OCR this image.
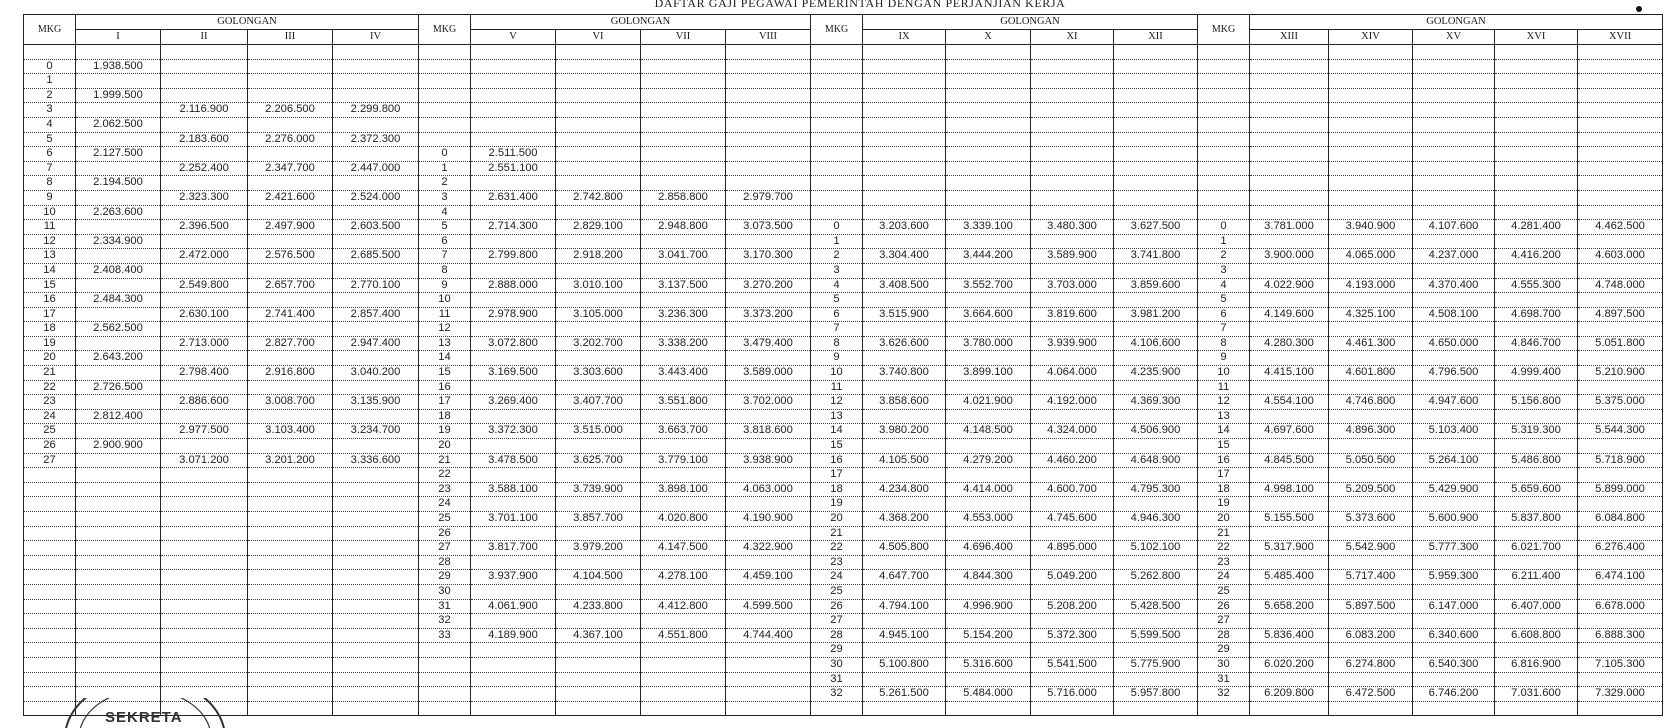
DAFTAR GAJI PEGAWAI PEMERINTAH DENGAN PERJANJIAN KERJA
MKG	GOLONGAN				MKG	GOLONGAN				MKG	GOLONGAN				MKG	GOLONGAN				
	I	II	III	IV		V	VI	VII	VIII		IX	X	XI	XII		XIII	XIV	XV	XVI	XVII

0	1.938.500																			
1																				
2	1.999.500																			
3		2.116.900	2.206.500	2.299.800																
4	2.062.500																			
5		2.183.600	2.276.000	2.372.300																
6	2.127.500				0	2.511.500														
7		2.252.400	2.347.700	2.447.000	1	2.551.100														
8	2.194.500				2															
9		2.323.300	2.421.600	2.524.000	3	2.631.400	2.742.800	2.858.800	2.979.700											
10	2.263.600				4															
11		2.396.500	2.497.900	2.603.500	5	2.714.300	2.829.100	2.948.800	3.073.500	0	3.203.600	3.339.100	3.480.300	3.627.500	0	3.781.000	3.940.900	4.107.600	4.281.400	4.462.500
12	2.334.900				6					1					1					
13		2.472.000	2.576.500	2.685.500	7	2.799.800	2.918.200	3.041.700	3.170.300	2	3.304.400	3.444.200	3.589.900	3.741.800	2	3.900.000	4.065.000	4.237.000	4.416.200	4.603.000
14	2.408.400				8					3					3					
15		2.549.800	2.657.700	2.770.100	9	2.888.000	3.010.100	3.137.500	3.270.200	4	3.408.500	3.552.700	3.703.000	3.859.600	4	4.022.900	4.193.000	4.370.400	4.555.300	4.748.000
16	2.484.300				10					5					5					
17		2.630.100	2.741.400	2.857.400	11	2.978.900	3.105.000	3.236.300	3.373.200	6	3.515.900	3.664.600	3.819.600	3.981.200	6	4.149.600	4.325.100	4.508.100	4.698.700	4.897.500
18	2.562.500				12					7					7					
19		2.713.000	2.827.700	2.947.400	13	3.072.800	3.202.700	3.338.200	3.479.400	8	3.626.600	3.780.000	3.939.900	4.106.600	8	4.280.300	4.461.300	4.650.000	4.846.700	5.051.800
20	2.643.200				14					9					9					
21		2.798.400	2.916.800	3.040.200	15	3.169.500	3.303.600	3.443.400	3.589.000	10	3.740.800	3.899.100	4.064.000	4.235.900	10	4.415.100	4.601.800	4.796.500	4.999.400	5.210.900
22	2.726.500				16					11					11					
23		2.886.600	3.008.700	3.135.900	17	3.269.400	3.407.700	3.551.800	3.702.000	12	3.858.600	4.021.900	4.192.000	4.369.300	12	4.554.100	4.746.800	4.947.600	5.156.800	5.375.000
24	2.812.400				18					13					13					
25		2.977.500	3.103.400	3.234.700	19	3.372.300	3.515.000	3.663.700	3.818.600	14	3.980.200	4.148.500	4.324.000	4.506.900	14	4.697.600	4.896.300	5.103.400	5.319.300	5.544.300
26	2.900.900				20					15					15					
27		3.071.200	3.201.200	3.336.600	21	3.478.500	3.625.700	3.779.100	3.938.900	16	4.105.500	4.279.200	4.460.200	4.648.900	16	4.845.500	5.050.500	5.264.100	5.486.800	5.718.900
					22					17					17					
					23	3.588.100	3.739.900	3.898.100	4.063.000	18	4.234.800	4.414.000	4.600.700	4.795.300	18	4.998.100	5.209.500	5.429.900	5.659.600	5.899.000
					24					19					19					
					25	3.701.100	3.857.700	4.020.800	4.190.900	20	4.368.200	4.553.000	4.745.600	4.946.300	20	5.155.500	5.373.600	5.600.900	5.837.800	6.084.800
					26					21					21					
					27	3.817.700	3.979.200	4.147.500	4.322.900	22	4.505.800	4.696.400	4.895.000	5.102.100	22	5.317.900	5.542.900	5.777.300	6.021.700	6.276.400
					28					23					23					
					29	3.937.900	4.104.500	4.278.100	4.459.100	24	4.647.700	4.844.300	5.049.200	5.262.800	24	5.485.400	5.717.400	5.959.300	6.211.400	6.474.100
					30					25					25					
					31	4.061.900	4.233.800	4.412.800	4.599.500	26	4.794.100	4.996.900	5.208.200	5.428.500	26	5.658.200	5.897.500	6.147.000	6.407.000	6.678.000
					32					27					27					
					33	4.189.900	4.367.100	4.551.800	4.744.400	28	4.945.100	5.154.200	5.372.300	5.599.500	28	5.836.400	6.083.200	6.340.600	6.608.800	6.888.300
										29					29					
										30	5.100.800	5.316.600	5.541.500	5.775.900	30	6.020.200	6.274.800	6.540.300	6.816.900	7.105.300
										31					31					
										32	5.261.500	5.484.000	5.716.000	5.957.800	32	6.209.800	6.472.500	6.746.200	7.031.600	7.329.000

SEKRETA
